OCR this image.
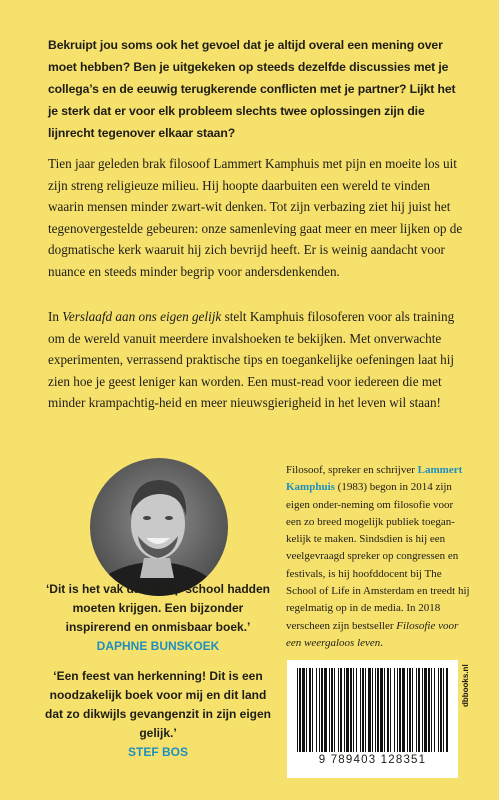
Bekruipt jou soms ook het gevoel dat je altijd overal een mening over moet hebben? Ben je uitgekeken op steeds dezelfde discussies met je collega’s en de eeuwig terugkerende conflicten met je partner? Lijkt het je sterk dat er voor elk probleem slechts twee oplossingen zijn die lijnrecht tegenover elkaar staan?
Tien jaar geleden brak filosoof Lammert Kamphuis met pijn en moeite los uit zijn streng religieuze milieu. Hij hoopte daarbuiten een wereld te vinden waarin mensen minder zwart-wit denken. Tot zijn verbazing ziet hij juist het tegenovergestelde gebeuren: onze samenleving gaat meer en meer lijken op de dogmatische kerk waaruit hij zich bevrijd heeft. Er is weinig aandacht voor nuance en steeds minder begrip voor andersdenkenden.
In Verslaafd aan ons eigen gelijk stelt Kamphuis filosoferen voor als training om de wereld vanuit meerdere invalshoeken te bekijken. Met onverwachte experimenten, verrassend praktische tips en toegankelijke oefeningen laat hij zien hoe je geest leniger kan worden. Een must-read voor iedereen die met minder krampachtig-heid en meer nieuwsgierigheid in het leven wil staan!
Filosoof, spreker en schrijver Lammert Kamphuis (1983) begon in 2014 zijn eigen onder-neming om filosofie voor een zo breed mogelijk publiek toegan-kelijk te maken. Sindsdien is hij een veelgevraagd spreker op congressen en festivals, is hij hoofddocent bij The School of Life in Amsterdam en treedt hij regelmatig op in de media. In 2018 verscheen zijn bestseller Filosofie voor een weergaloos leven.
‘Dit is het vak dat we op school hadden moeten krijgen. Een bijzonder inspirerend en onmisbaar boek.’
DAPHNE BUNSKOEK
‘Een feest van herkenning! Dit is een noodzakelijk boek voor mij en dit land dat zo dikwijls gevangenzit in zijn eigen gelijk.’
STEF BOS
9 789403 128351
dbbooks.nl
